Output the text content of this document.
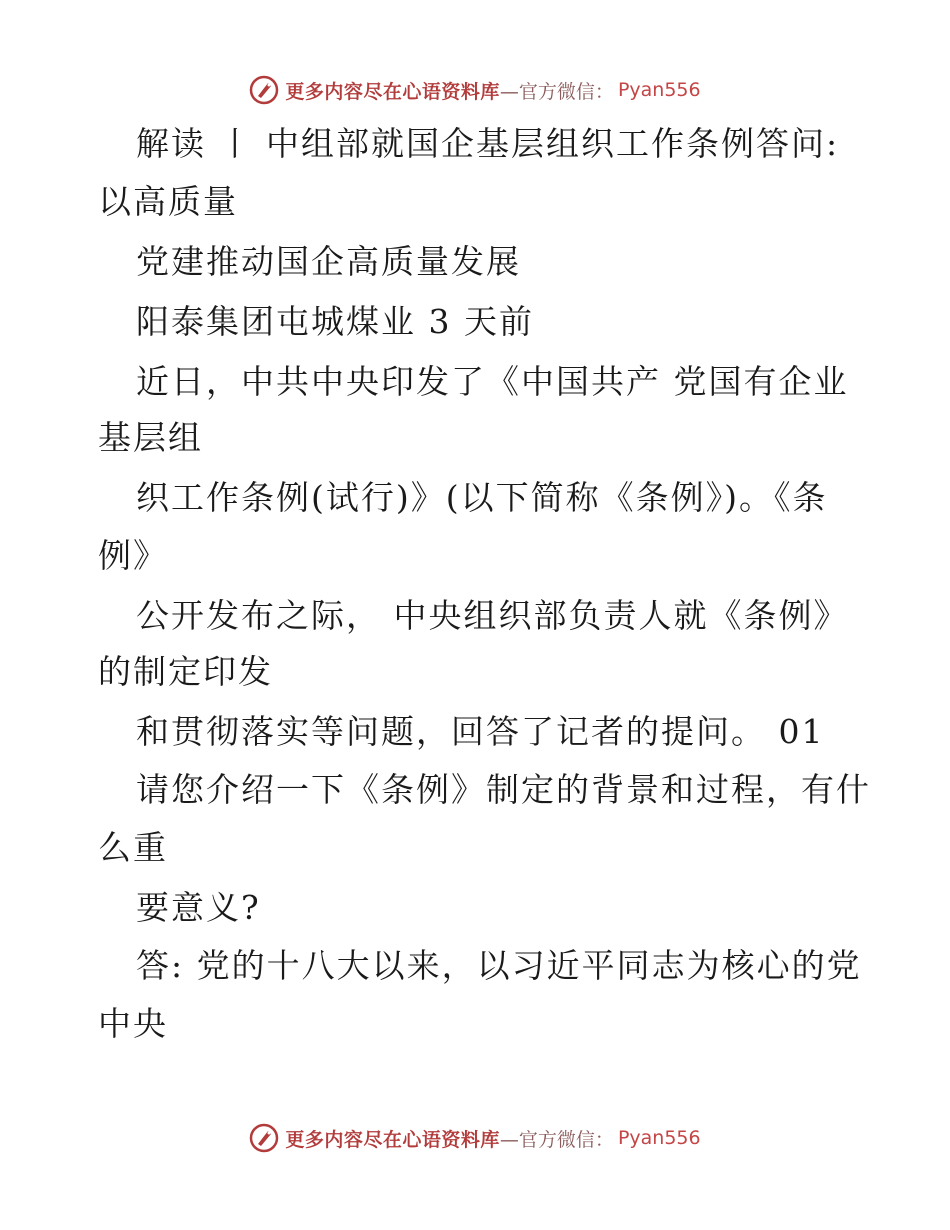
更多内容尽在心语资料库 —官方微信： Pyan556
解读 丨 中组部就国企基层组织工作条例答问:
以高质量
党建推动国企高质量发展
阳泰集团屯城煤业 3 天前
近日，中共中央印发了《中国共产 党国有企业
基层组
织工作条例(试行)》(以下简称《条例》)。《条
例》
公开发布之际， 中央组织部负责人就《条例》
的制定印发
和贯彻落实等问题，回答了记者的提问。 01
请您介绍一下《条例》制定的背景和过程，有什
么重
要意义?
答: 党的十八大以来，以习近平同志为核心的党
中央
更多内容尽在心语资料库 —官方微信： Pyan556
